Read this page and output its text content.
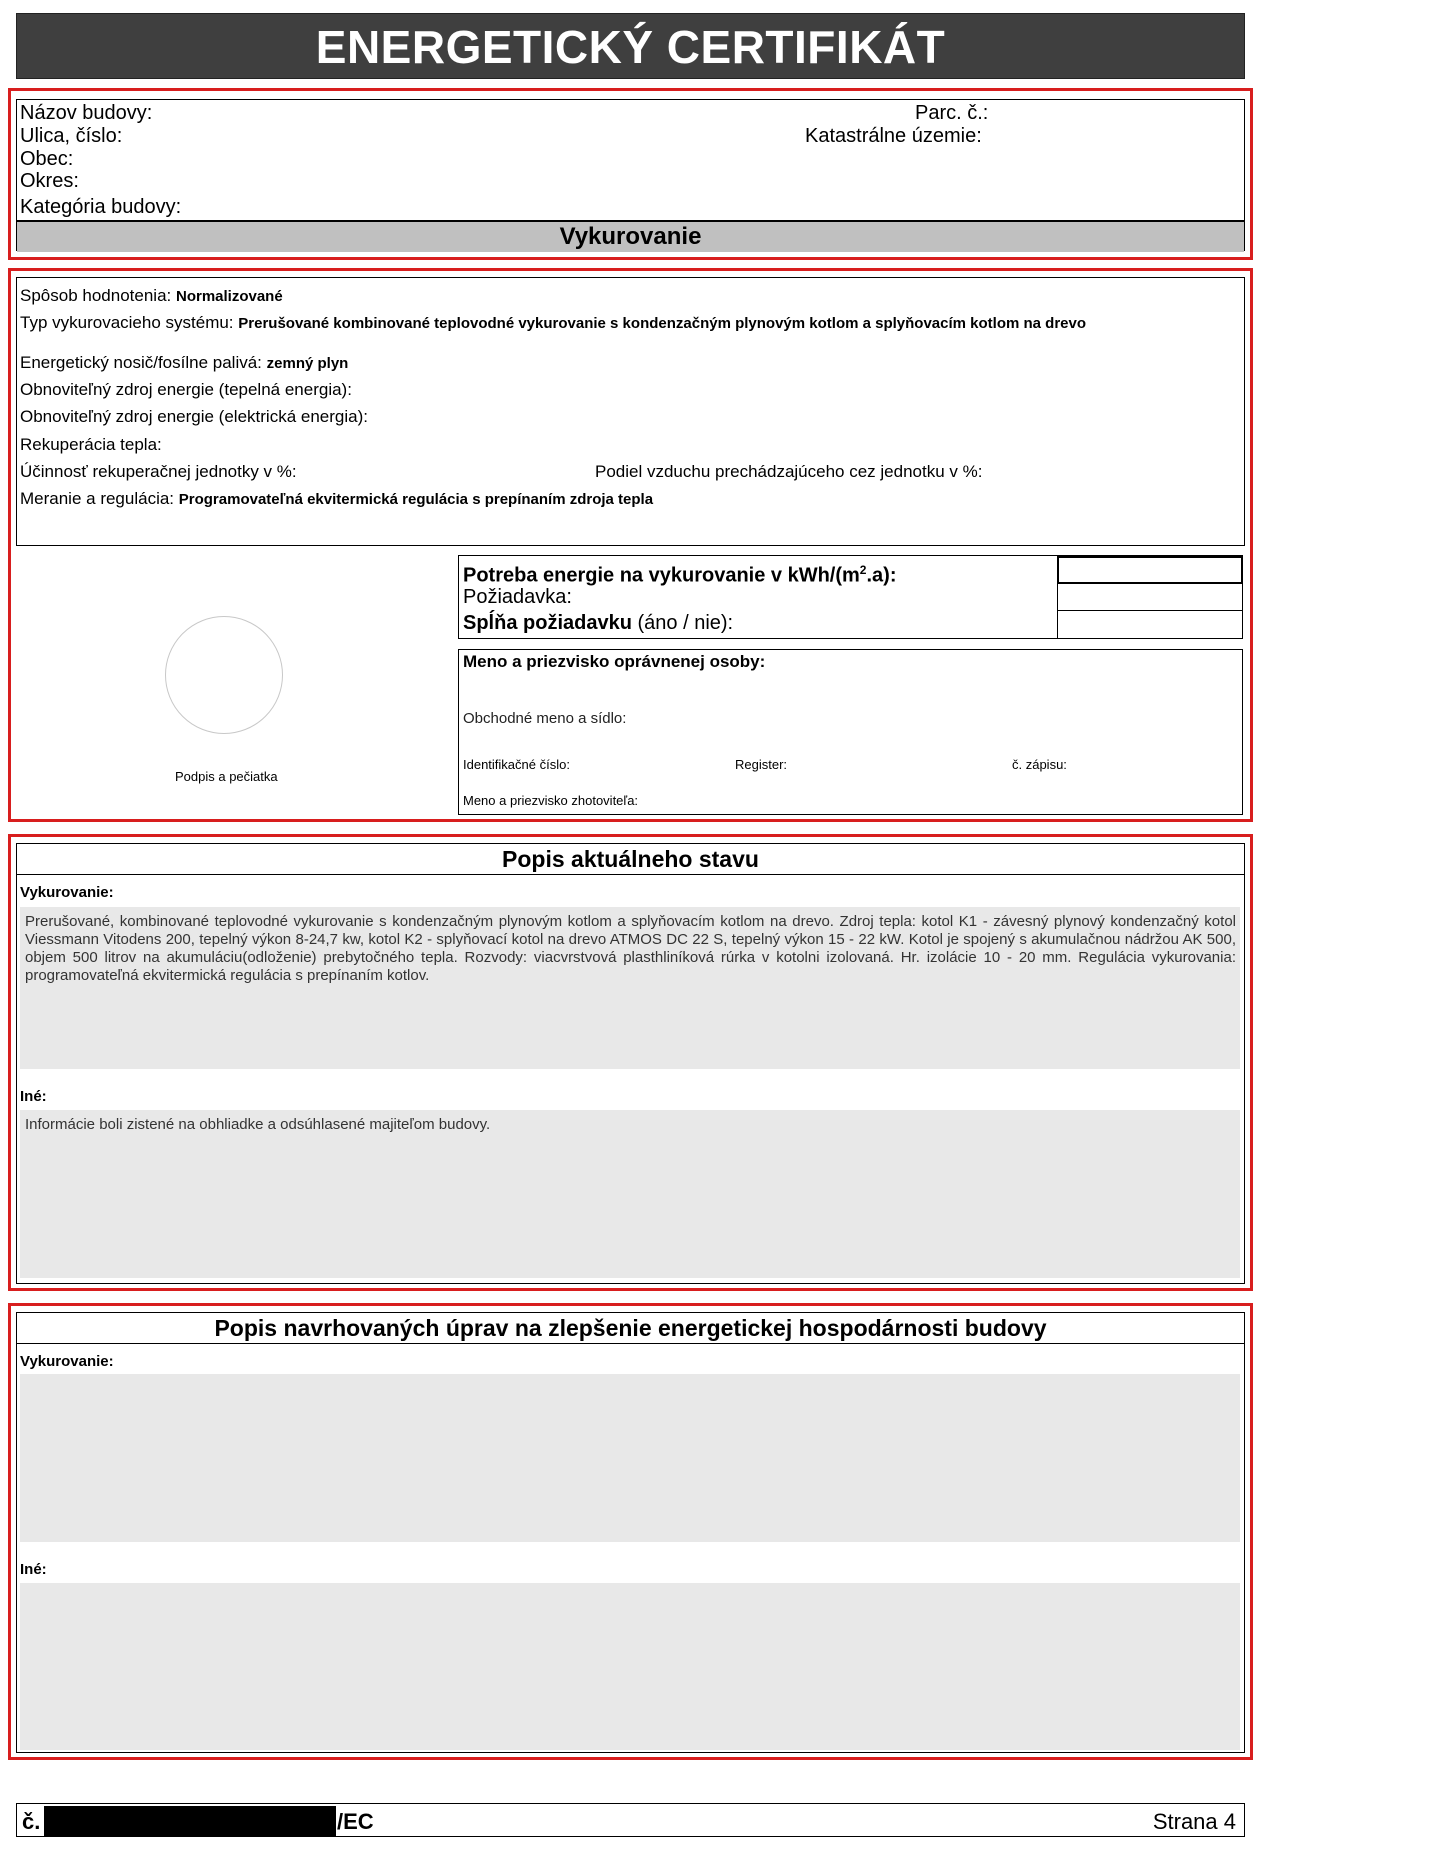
ENERGETICKÝ CERTIFIKÁT
Názov budovy:
Ulica, číslo:
Obec:
Okres:
Kategória budovy:
Parc. č.:
Katastrálne územie:
Vykurovanie
Spôsob hodnotenia: Normalizované
Typ vykurovacieho systému: Prerušované kombinované teplovodné vykurovanie s kondenzačným plynovým kotlom a splyňovacím kotlom na drevo
Energetický nosič/fosílne palivá: zemný plyn
Obnoviteľný zdroj energie (tepelná energia):
Obnoviteľný zdroj energie (elektrická energia):
Rekuperácia tepla:
Účinnosť rekuperačnej jednotky v %:	Podiel vzduchu prechádzajúceho cez jednotku v %:
Meranie a regulácia: Programovateľná ekvitermická regulácia s prepínaním zdroja tepla
Podpis a pečiatka
Potreba energie na vykurovanie v kWh/$(m^2.a)$:
Požiadavka:
Spĺňa požiadavku (áno / nie):
Meno a priezvisko oprávnenej osoby:
Obchodné meno a sídlo:
Identifikačné číslo:	Register:	č. zápisu:
Meno a priezvisko zhotoviteľa:
Popis aktuálneho stavu
Vykurovanie:
Prerušované, kombinované teplovodné vykurovanie s kondenzačným plynovým kotlom a splyňovacím kotlom na drevo. Zdroj tepla: kotol K1 - závesný plynový kondenzačný kotol Viessmann Vitodens 200, tepelný výkon 8-24,7 kw, kotol K2 - splyňovací kotol na drevo ATMOS DC 22 S, tepelný výkon 15 - 22 kW. Kotol je spojený s akumulačnou nádržou AK 500, objem 500 litrov na akumuláciu(odloženie) prebytočného tepla. Rozvody: viacvrstvová plasthliníková rúrka v kotolni izolovaná. Hr. izolácie 10 - 20 mm. Regulácia vykurovania: programovateľná ekvitermická regulácia s prepínaním kotlov.
Iné:
Informácie boli zistené na obhliadke a odsúhlasené majiteľom budovy.
Popis navrhovaných úprav na zlepšenie energetickej hospodárnosti budovy
Vykurovanie:
Iné:
č.	/EC	Strana 4
